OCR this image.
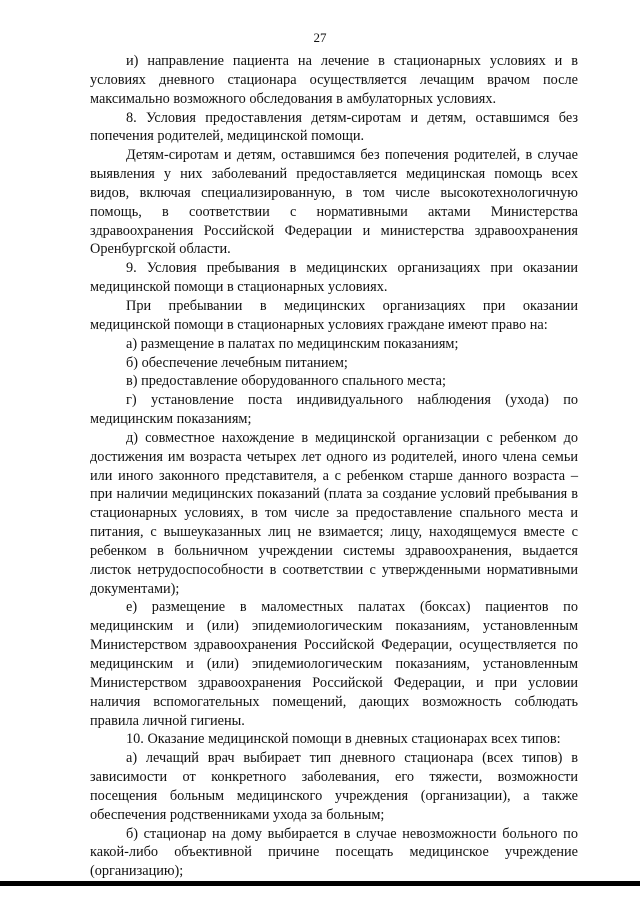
27

и) направление пациента на лечение в стационарных условиях и в условиях дневного стационара осуществляется лечащим врачом после максимально возможного обследования в амбулаторных условиях.

8. Условия предоставления детям-сиротам и детям, оставшимся без попечения родителей, медицинской помощи.

Детям-сиротам и детям, оставшимся без попечения родителей, в случае выявления у них заболеваний предоставляется медицинская помощь всех видов, включая специализированную, в том числе высокотехнологичную помощь, в соответствии с нормативными актами Министерства здравоохранения Российской Федерации и министерства здравоохранения Оренбургской области.

9. Условия пребывания в медицинских организациях при оказании медицинской помощи в стационарных условиях.

При пребывании в медицинских организациях при оказании медицинской помощи в стационарных условиях граждане имеют право на:

а) размещение в палатах по медицинским показаниям;

б) обеспечение лечебным питанием;

в) предоставление оборудованного спального места;

г) установление поста индивидуального наблюдения (ухода) по медицинским показаниям;

д) совместное нахождение в медицинской организации с ребенком до достижения им возраста четырех лет одного из родителей, иного члена семьи или иного законного представителя, а с ребенком старше данного возраста – при наличии медицинских показаний (плата за создание условий пребывания в стационарных условиях, в том числе за предоставление спального места и питания, с вышеуказанных лиц не взимается; лицу, находящемуся вместе с ребенком в больничном учреждении системы здравоохранения, выдается листок нетрудоспособности в соответствии с утвержденными нормативными документами);

е) размещение в маломестных палатах (боксах) пациентов по медицинским и (или) эпидемиологическим показаниям, установленным Министерством здравоохранения Российской Федерации, осуществляется по медицинским и (или) эпидемиологическим показаниям, установленным Министерством здравоохранения Российской Федерации, и при условии наличия вспомогательных помещений, дающих возможность соблюдать правила личной гигиены.

10. Оказание медицинской помощи в дневных стационарах всех типов:

а) лечащий врач выбирает тип дневного стационара (всех типов) в зависимости от конкретного заболевания, его тяжести, возможности посещения больным медицинского учреждения (организации), а также обеспечения родственниками ухода за больным;

б) стационар на дому выбирается в случае невозможности больного по какой-либо объективной причине посещать медицинское учреждение (организацию);
